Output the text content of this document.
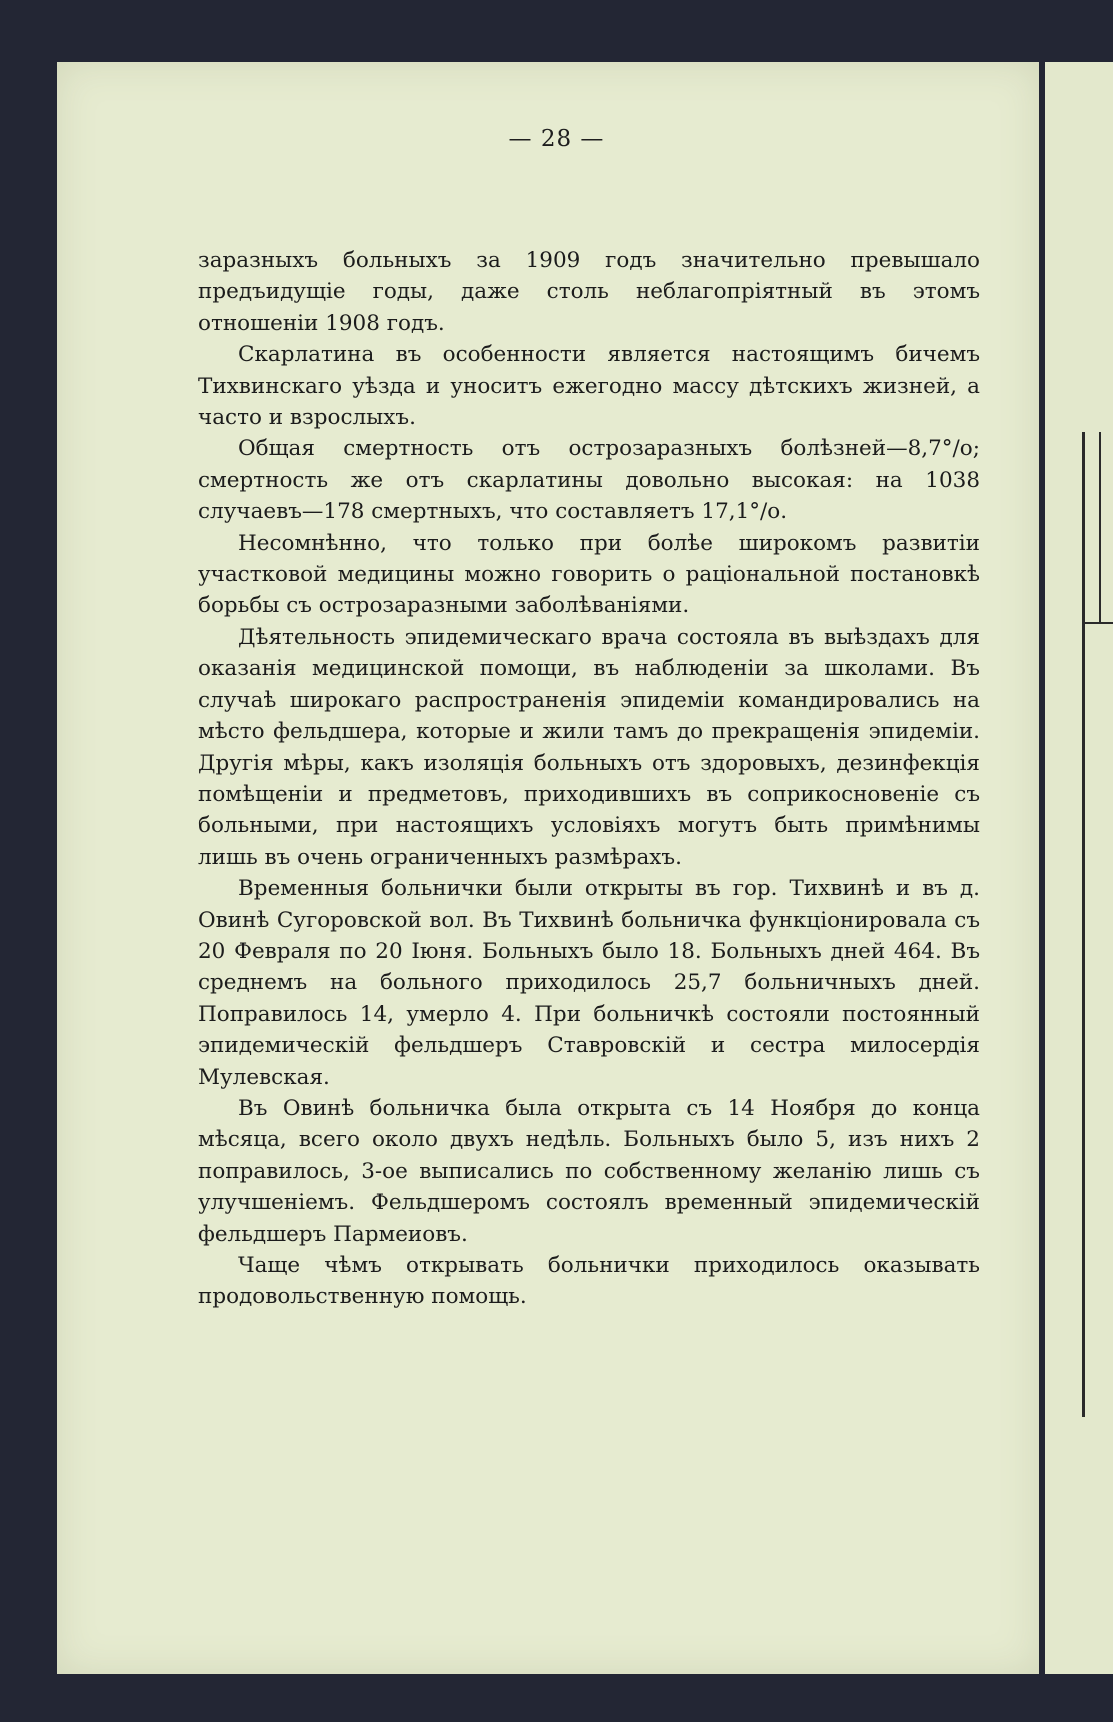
— 28 —

заразныхъ больныхъ за 1909 годъ значительно превышало предъидущіе годы, даже столь неблагопріятный въ этомъ отношеніи 1908 годъ.

Скарлатина въ особенности является настоящимъ бичемъ Тихвинскаго уѣзда и уноситъ ежегодно массу дѣтскихъ жизней, а часто и взрослыхъ.

Общая смертность отъ острозаразныхъ болѣзней—8,7°/о; смертность же отъ скарлатины довольно высокая: на 1038 случаевъ—178 смертныхъ, что составляетъ 17,1°/о.

Несомнѣнно, что только при болѣе широкомъ развитіи участковой медицины можно говорить о раціональной постановкѣ борьбы съ острозаразными заболѣваніями.

Дѣятельность эпидемическаго врача состояла въ выѣздахъ для оказанія медицинской помощи, въ наблюденіи за школами. Въ случаѣ широкаго распространенія эпидеміи командировались на мѣсто фельдшера, которые и жили тамъ до прекращенія эпидеміи. Другія мѣры, какъ изоляція больныхъ отъ здоровыхъ, дезинфекція помѣщеніи и предметовъ, приходившихъ въ соприкосновеніе съ больными, при настоящихъ условіяхъ могутъ быть примѣнимы лишь въ очень ограниченныхъ размѣрахъ.

Временныя больнички были открыты въ гор. Тихвинѣ и въ д. Овинѣ Сугоровской вол. Въ Тихвинѣ больничка функціонировала съ 20 Февраля по 20 Іюня. Больныхъ было 18. Больныхъ дней 464. Въ среднемъ на больного приходилось 25,7 больничныхъ дней. Поправилось 14, умерло 4. При больничкѣ состояли постоянный эпидемическій фельдшеръ Ставровскій и сестра милосердія Мулевская.

Въ Овинѣ больничка была открыта съ 14 Ноября до конца мѣсяца, всего около двухъ недѣль. Больныхъ было 5, изъ нихъ 2 поправилось, 3-ое выписались по собственному желанію лишь съ улучшеніемъ. Фельдшеромъ состоялъ временный эпидемическій фельдшеръ Пармеиовъ.

Чаще чѣмъ открывать больнички приходилось оказывать продовольственную помощь.
